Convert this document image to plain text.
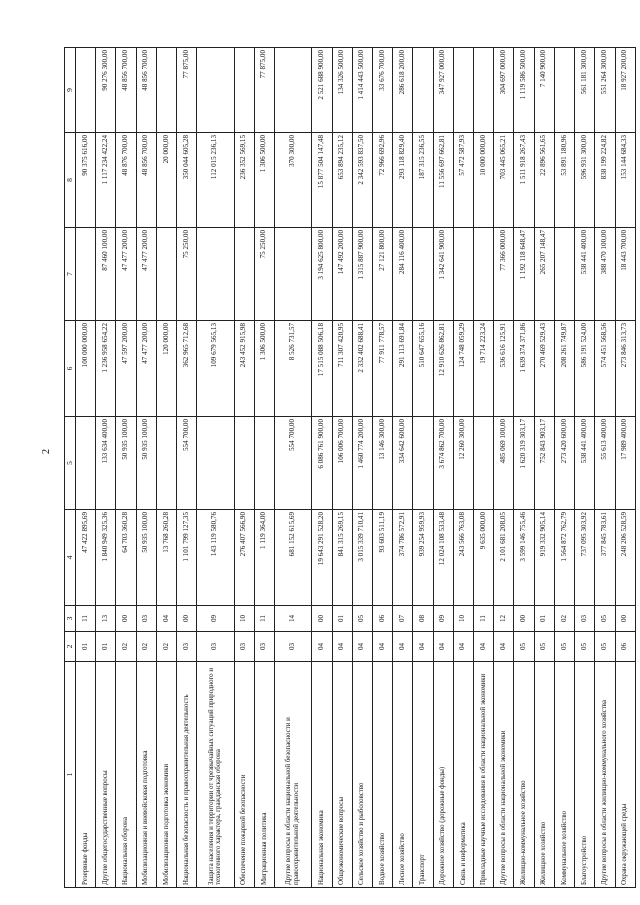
2
1	2	3	4	5	6	7	8	9
Резервные фонды	01	11	47 422 895,69		100 000 000,00		90 375 616,00	
Другие общегосударственные вопросы	01	13	1 840 949 325,36	133 634 400,00	1 236 958 654,22	87 460 100,00	1 117 234 422,24	90 276 300,00
Национальная оборона	02	00	64 703 360,28	50 935 100,00	47 597 200,00	47 477 200,00	48 876 700,00	48 856 700,00
Мобилизационная и вневойсковая подготовка	02	03	50 935 100,00	50 935 100,00	47 477 200,00	47 477 200,00	48 856 700,00	48 856 700,00
Мобилизационная подготовка экономики	02	04	13 768 260,28		120 000,00		20 000,00	
Национальная безопасность и правоохранительная деятельность	03	00	1 101 799 127,35	554 700,00	362 965 712,68	75 250,00	350 044 605,28	77 875,00
Защита населения и территории от чрезвычайных ситуаций природного и техногенного характера, гражданская оборона	03	09	143 119 580,76		109 679 565,13		112 015 236,13	
Обеспечение пожарной безопасности	03	10	276 407 566,90		243 452 915,98		236 352 569,15	
Миграционная политика	03	11	1 119 364,00		1 306 500,00	75 250,00	1 306 500,00	77 875,00
Другие вопросы в области национальной безопасности и правоохранительной деятельности	03	14	681 152 615,69	554 700,00	8 526 731,57		370 300,00	
Национальная экономика	04	00	19 643 291 528,20	6 086 761 900,00	17 515 088 506,18	3 194 625 800,00	15 877 504 147,48	2 521 688 900,00
Общеэкономические вопросы	04	01	841 315 269,15	106 006 700,00	711 307 420,95	147 492 200,00	653 894 235,12	134 326 500,00
Сельское хозяйство и рыболовство	04	05	3 015 339 710,41	1 460 774 200,00	2 332 402 688,41	1 315 887 900,00	2 342 593 837,50	1 414 443 500,00
Водное хозяйство	04	06	93 603 511,19	13 146 300,00	77 911 778,57	27 121 800,00	72 966 692,96	33 676 700,00
Лесное хозяйство	04	07	374 786 572,91	334 642 600,00	291 113 691,84	284 116 400,00	293 118 829,40	286 618 200,00
Транспорт	04	08	939 254 959,93		510 647 655,16		187 315 236,55	
Дорожное хозяйство (дорожные фонды)	04	09	12 024 108 533,48	3 674 862 700,00	12 910 626 862,81	1 342 641 900,00	11 556 697 662,81	347 927 000,00
Связь и информатика	04	10	243 566 763,08	12 260 300,00	124 748 059,29		57 472 587,93	
Прикладные научные исследования в области национальной экономики	04	11	9 635 000,00		19 714 223,24		10 000 000,00	
Другие вопросы в области национальной экономики	04	12	2 101 681 208,05	485 069 100,00	536 616 125,91	77 366 000,00	703 445 065,21	304 697 000,00
Жилищно-коммунальное хозяйство	05	00	3 599 146 755,46	1 620 319 303,17	1 639 374 371,86	1 192 118 648,47	1 511 918 267,43	1 119 586 500,00
Жилищное хозяйство	05	01	919 332 905,14	752 843 903,17	270 469 529,43	265 207 148,47	22 896 561,65	7 140 900,00
Коммунальное хозяйство	05	02	1 564 872 762,79	273 420 600,00	208 261 749,87		53 891 180,96	
Благоустройство	05	03	737 095 303,92	538 441 400,00	586 191 524,00	538 441 400,00	596 931 300,00	561 181 300,00
Другие вопросы в области жилищно-коммунального хозяйства	05	05	377 845 783,61	55 613 400,00	574 451 568,56	388 470 100,00	838 199 224,82	551 264 300,00
Охрана окружающей среды	06	00	248 206 528,59	17 989 400,00	273 846 313,73	18 443 700,00	153 144 684,33	18 927 200,00
